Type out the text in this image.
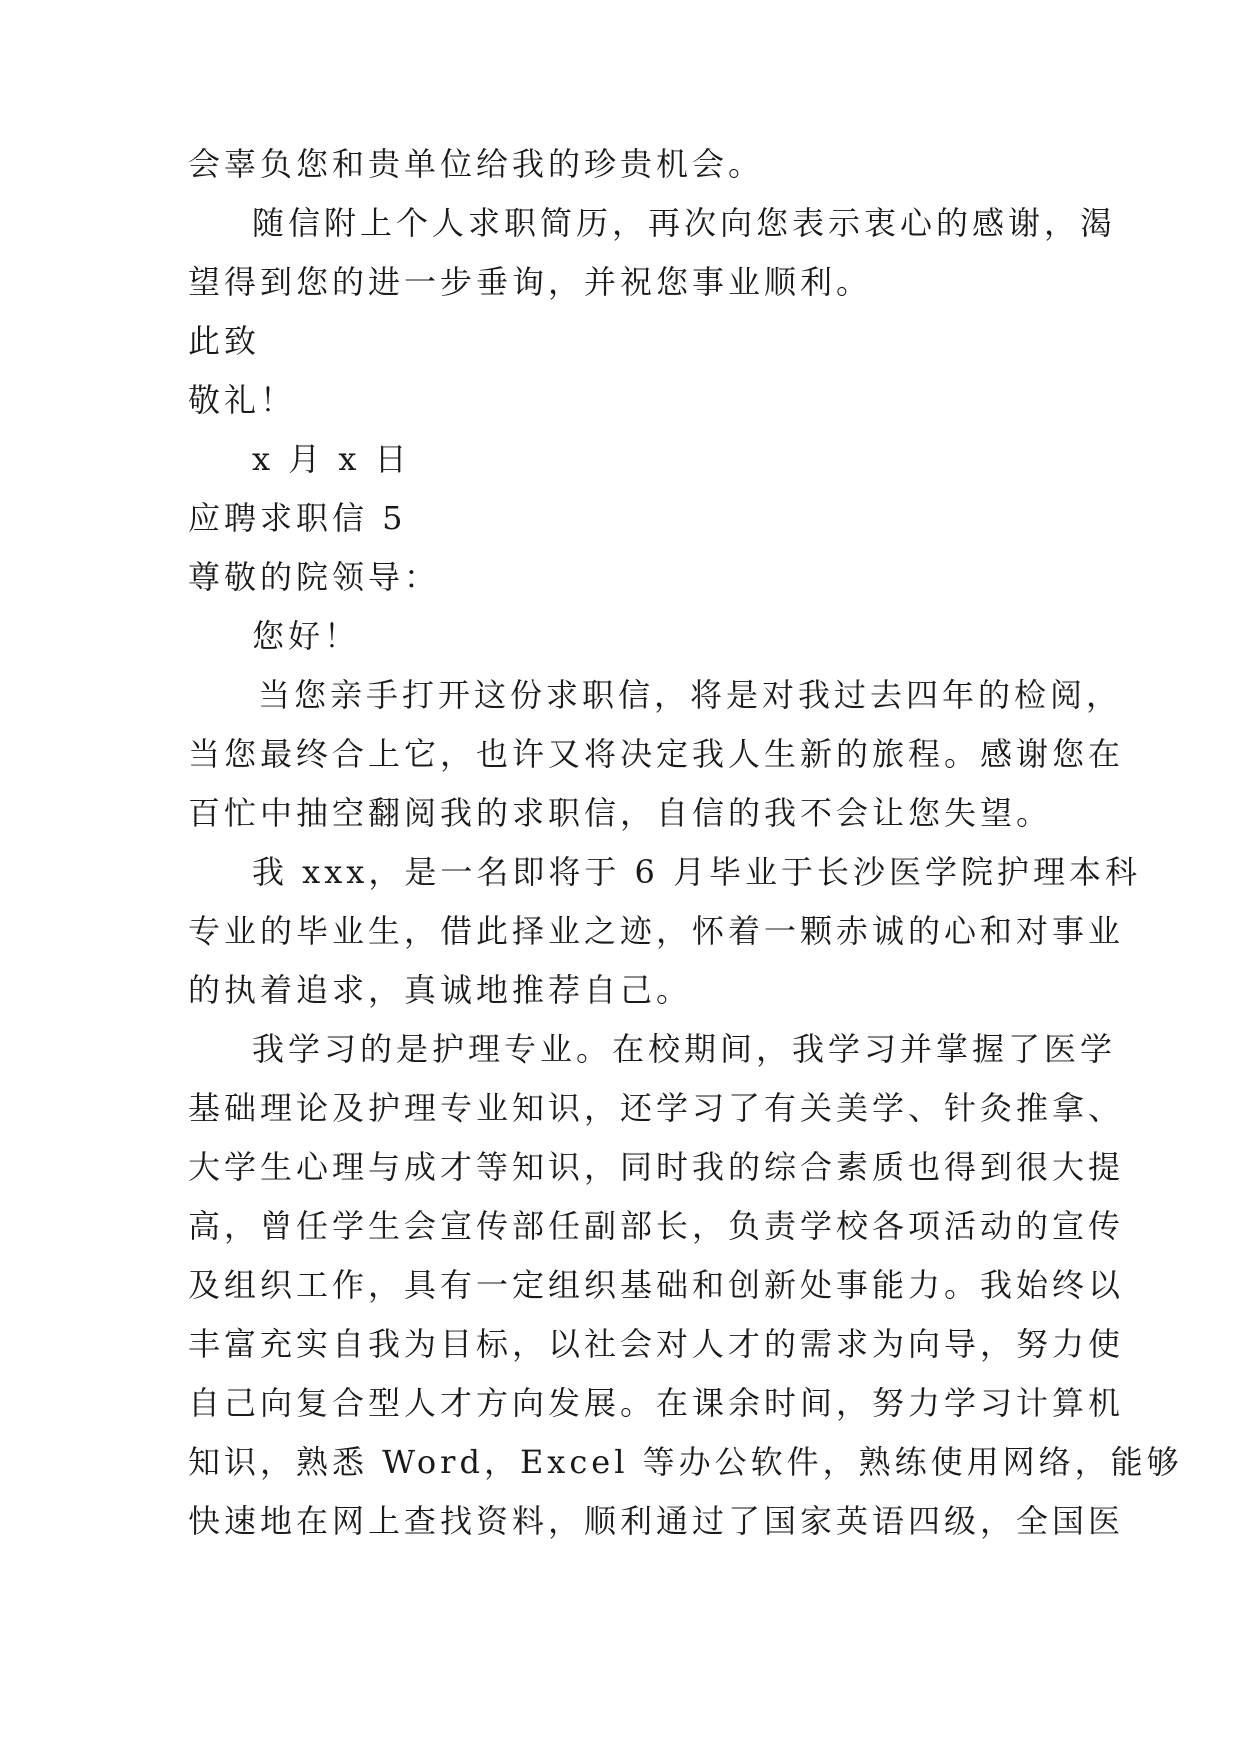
会辜负您和贵单位给我的珍贵机会。
随信附上个人求职简历，再次向您表示衷心的感谢，渴
望得到您的进一步垂询，并祝您事业顺利。
此致
敬礼！
x 月 x 日
应聘求职信 5
尊敬的院领导：
您好！
当您亲手打开这份求职信，将是对我过去四年的检阅，
当您最终合上它，也许又将决定我人生新的旅程。感谢您在
百忙中抽空翻阅我的求职信，自信的我不会让您失望。
我 xxx，是一名即将于 6 月毕业于长沙医学院护理本科
专业的毕业生，借此择业之迹，怀着一颗赤诚的心和对事业
的执着追求，真诚地推荐自己。
我学习的是护理专业。在校期间，我学习并掌握了医学
基础理论及护理专业知识，还学习了有关美学、针灸推拿、
大学生心理与成才等知识，同时我的综合素质也得到很大提
高，曾任学生会宣传部任副部长，负责学校各项活动的宣传
及组织工作，具有一定组织基础和创新处事能力。我始终以
丰富充实自我为目标，以社会对人才的需求为向导，努力使
自己向复合型人才方向发展。在课余时间，努力学习计算机
知识，熟悉 Word，Excel 等办公软件，熟练使用网络，能够
快速地在网上查找资料，顺利通过了国家英语四级，全国医
